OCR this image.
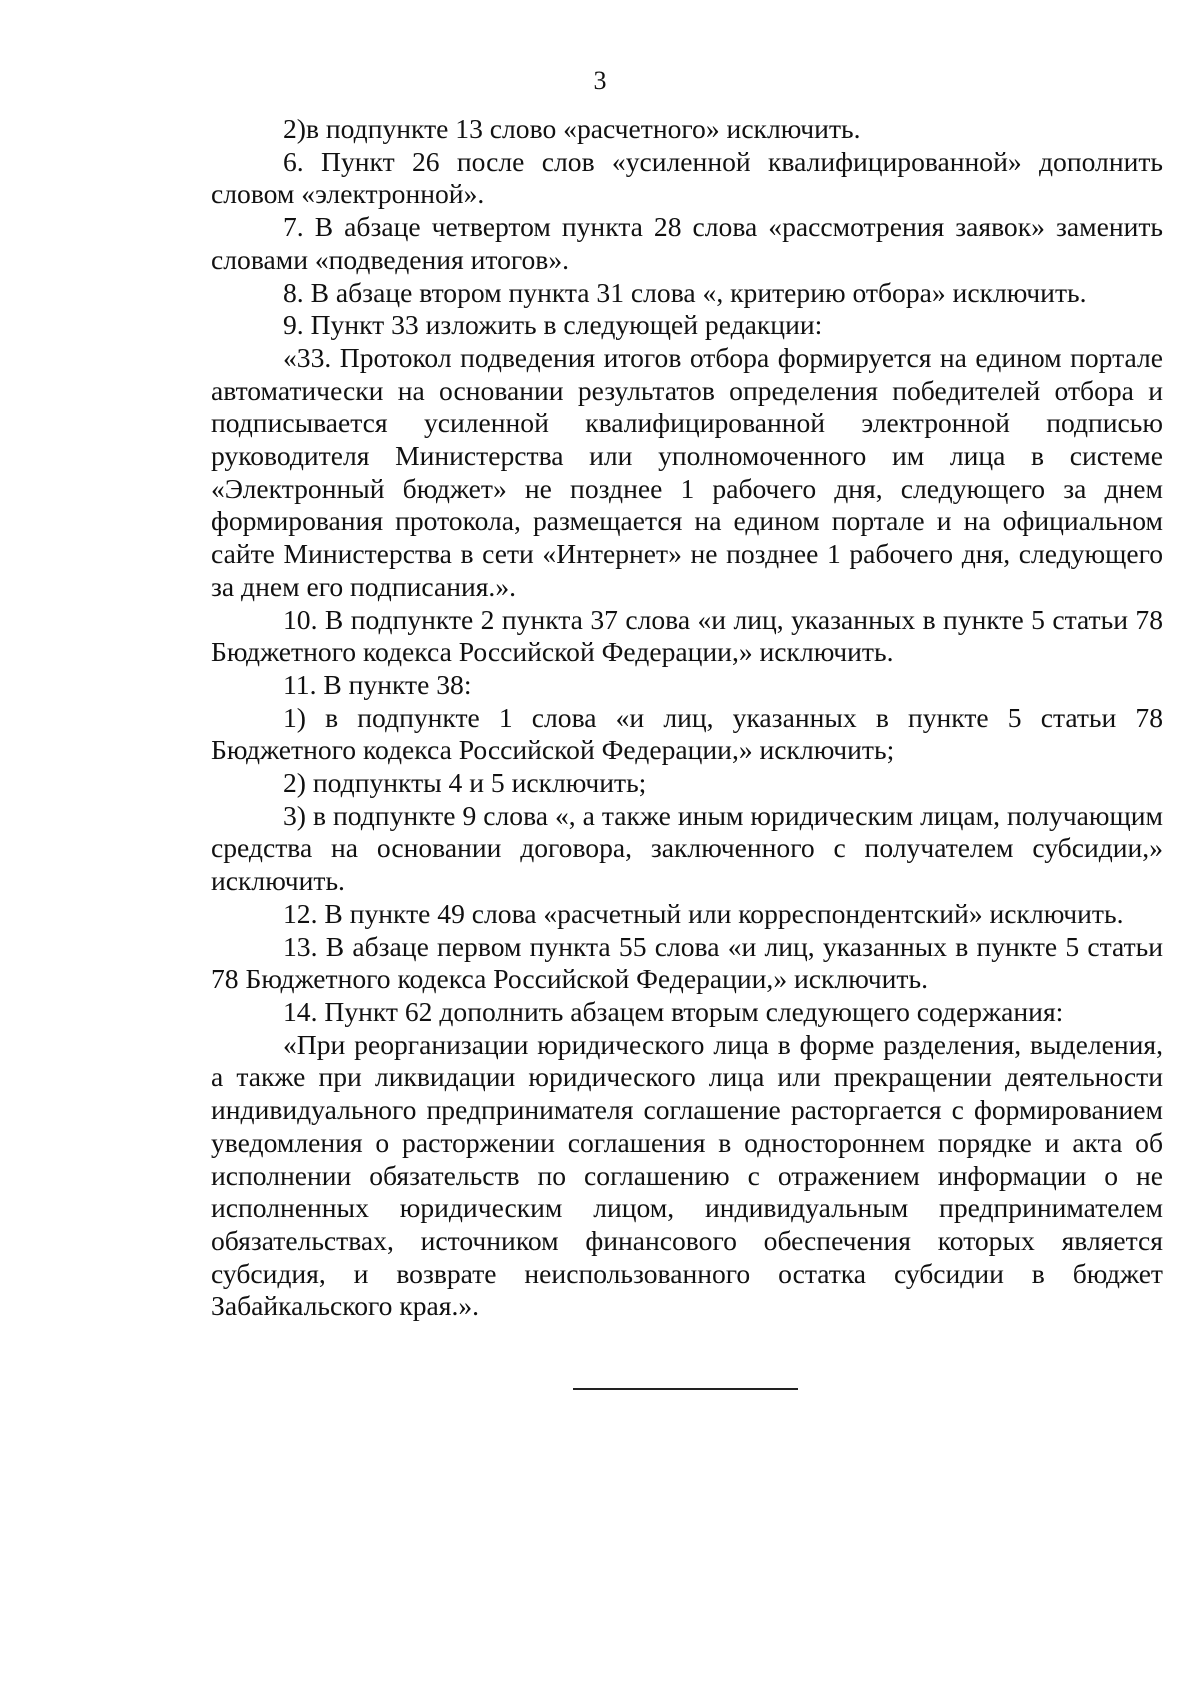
3

2)в подпункте 13 слово «расчетного» исключить.

6. Пункт 26 после слов «усиленной квалифицированной» дополнить словом «электронной».

7. В абзаце четвертом пункта 28 слова «рассмотрения заявок» заменить словами «подведения итогов».

8. В абзаце втором пункта 31 слова «, критерию отбора» исключить.

9. Пункт 33 изложить в следующей редакции:

«33. Протокол подведения итогов отбора формируется на едином портале автоматически на основании результатов определения победителей отбора и подписывается усиленной квалифицированной электронной подписью руководителя Министерства или уполномоченного им лица в системе «Электронный бюджет» не позднее 1 рабочего дня, следующего за днем формирования протокола, размещается на едином портале и на официальном сайте Министерства в сети «Интернет» не позднее 1 рабочего дня, следующего за днем его подписания.».

10. В подпункте 2 пункта 37 слова «и лиц, указанных в пункте 5 статьи 78 Бюджетного кодекса Российской Федерации,» исключить.

11. В пункте 38:

1) в подпункте 1 слова «и лиц, указанных в пункте 5 статьи 78 Бюджетного кодекса Российской Федерации,» исключить;

2) подпункты 4 и 5 исключить;

3) в подпункте 9 слова «, а также иным юридическим лицам, получающим средства на основании договора, заключенного с получателем субсидии,» исключить.

12. В пункте 49 слова «расчетный или корреспондентский» исключить.

13. В абзаце первом пункта 55 слова «и лиц, указанных в пункте 5 статьи 78 Бюджетного кодекса Российской Федерации,» исключить.

14. Пункт 62 дополнить абзацем вторым следующего содержания:

«При реорганизации юридического лица в форме разделения, выделения, а также при ликвидации юридического лица или прекращении деятельности индивидуального предпринимателя соглашение расторгается с формированием уведомления о расторжении соглашения в одностороннем порядке и акта об исполнении обязательств по соглашению с отражением информации о не исполненных юридическим лицом, индивидуальным предпринимателем обязательствах, источником финансового обеспечения которых является субсидия, и возврате неиспользованного остатка субсидии в бюджет Забайкальского края.».
